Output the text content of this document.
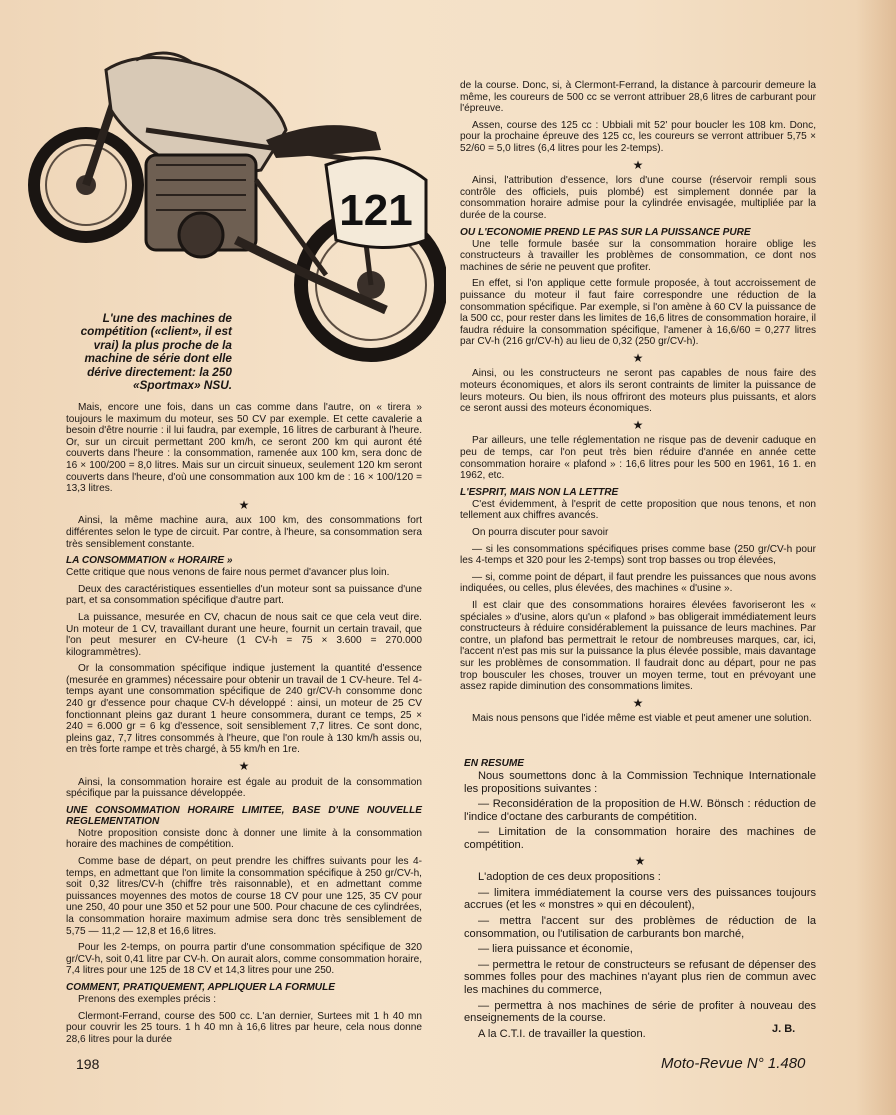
121
L'une des machines de compétition («client», il est vrai) la plus proche de la machine de série dont elle dérive directement: la 250 «Sportmax» NSU.

Mais, encore une fois, dans un cas comme dans l'autre, on « tirera » toujours le maximum du moteur, ses 50 CV par exemple. Et cette cavalerie a besoin d'être nourrie : il lui faudra, par exemple, 16 litres de carburant à l'heure. Or, sur un circuit permettant 200 km/h, ce seront 200 km qui auront été couverts dans l'heure : la consommation, ramenée aux 100 km, sera donc de 16 × 100/200 = 8,0 litres. Mais sur un circuit sinueux, seulement 120 km seront couverts dans l'heure, d'où une consommation aux 100 km de : 16 × 100/120 = 13,3 litres.

★

Ainsi, la même machine aura, aux 100 km, des consommations fort différentes selon le type de circuit. Par contre, à l'heure, sa consommation sera très sensiblement constante.

LA CONSOMMATION « HORAIRE »

Cette critique que nous venons de faire nous permet d'avancer plus loin.

Deux des caractéristiques essentielles d'un moteur sont sa puissance d'une part, et sa consommation spécifique d'autre part.

La puissance, mesurée en CV, chacun de nous sait ce que cela veut dire. Un moteur de 1 CV, travaillant durant une heure, fournit un certain travail, que l'on peut mesurer en CV-heure (1 CV-h = 75 × 3.600 = 270.000 kilogrammètres).

Or la consommation spécifique indique justement la quantité d'essence (mesurée en grammes) nécessaire pour obtenir un travail de 1 CV-heure. Tel 4-temps ayant une consommation spécifique de 240 gr/CV-h consomme donc 240 gr d'essence pour chaque CV-h développé : ainsi, un moteur de 25 CV fonctionnant pleins gaz durant 1 heure consommera, durant ce temps, 25 × 240 = 6.000 gr = 6 kg d'essence, soit sensiblement 7,7 litres. Ce sont donc, pleins gaz, 7,7 litres consommés à l'heure, que l'on roule à 130 km/h assis ou, en très forte rampe et très chargé, à 55 km/h en 1re.

★

Ainsi, la consommation horaire est égale au produit de la consommation spécifique par la puissance développée.

UNE CONSOMMATION HORAIRE LIMITEE, BASE D'UNE NOUVELLE REGLEMENTATION

Notre proposition consiste donc à donner une limite à la consommation horaire des machines de compétition.

Comme base de départ, on peut prendre les chiffres suivants pour les 4-temps, en admettant que l'on limite la consommation spécifique à 250 gr/CV-h, soit 0,32 litres/CV-h (chiffre très raisonnable), et en admettant comme puissances moyennes des motos de course 18 CV pour une 125, 35 CV pour une 250, 40 pour une 350 et 52 pour une 500. Pour chacune de ces cylindrées, la consommation horaire maximum admise sera donc très sensiblement de 5,75 — 11,2 — 12,8 et 16,6 litres.

Pour les 2-temps, on pourra partir d'une consommation spécifique de 320 gr/CV-h, soit 0,41 litre par CV-h. On aurait alors, comme consommation horaire, 7,4 litres pour une 125 de 18 CV et 14,3 litres pour une 250.

COMMENT, PRATIQUEMENT, APPLIQUER LA FORMULE

Prenons des exemples précis :

Clermont-Ferrand, course des 500 cc. L'an dernier, Surtees mit 1 h 40 mn pour couvrir les 25 tours. 1 h 40 mn à 16,6 litres par heure, cela nous donne 28,6 litres pour la durée

de la course. Donc, si, à Clermont-Ferrand, la distance à parcourir demeure la même, les coureurs de 500 cc se verront attribuer 28,6 litres de carburant pour l'épreuve.

Assen, course des 125 cc : Ubbiali mit 52' pour boucler les 108 km. Donc, pour la prochaine épreuve des 125 cc, les coureurs se verront attribuer 5,75 × 52/60 = 5,0 litres (6,4 litres pour les 2-temps).

★

Ainsi, l'attribution d'essence, lors d'une course (réservoir rempli sous contrôle des officiels, puis plombé) est simplement donnée par la consommation horaire admise pour la cylindrée envisagée, multipliée par la durée de la course.

OU L'ECONOMIE PREND LE PAS SUR LA PUISSANCE PURE

Une telle formule basée sur la consommation horaire oblige les constructeurs à travailler les problèmes de consommation, ce dont nos machines de série ne peuvent que profiter.

En effet, si l'on applique cette formule proposée, à tout accroissement de puissance du moteur il faut faire correspondre une réduction de la consommation spécifique. Par exemple, si l'on amène à 60 CV la puissance de la 500 cc, pour rester dans les limites de 16,6 litres de consommation horaire, il faudra réduire la consommation spécifique, l'amener à 16,6/60 = 0,277 litres par CV-h (216 gr/CV-h) au lieu de 0,32 (250 gr/CV-h).

★

Ainsi, ou les constructeurs ne seront pas capables de nous faire des moteurs économiques, et alors ils seront contraints de limiter la puissance de leurs moteurs. Ou bien, ils nous offriront des moteurs plus puissants, et alors ce seront aussi des moteurs économiques.

★

Par ailleurs, une telle réglementation ne risque pas de devenir caduque en peu de temps, car l'on peut très bien réduire d'année en année cette consommation horaire « plafond » : 16,6 litres pour les 500 en 1961, 16 1. en 1962, etc.

L'ESPRIT, MAIS NON LA LETTRE

C'est évidemment, à l'esprit de cette proposition que nous tenons, et non tellement aux chiffres avancés.

On pourra discuter pour savoir

— si les consommations spécifiques prises comme base (250 gr/CV-h pour les 4-temps et 320 pour les 2-temps) sont trop basses ou trop élevées,

— si, comme point de départ, il faut prendre les puissances que nous avons indiquées, ou celles, plus élevées, des machines « d'usine ».

Il est clair que des consommations horaires élevées favoriseront les « spéciales » d'usine, alors qu'un « plafond » bas obligerait immédiatement leurs constructeurs à réduire considérablement la puissance de leurs machines. Par contre, un plafond bas permettrait le retour de nombreuses marques, car, ici, l'accent n'est pas mis sur la puissance la plus élevée possible, mais davantage sur les problèmes de consommation. Il faudrait donc au départ, pour ne pas trop bousculer les choses, trouver un moyen terme, tout en prévoyant une assez rapide diminution des consommations limites.

★

Mais nous pensons que l'idée même est viable et peut amener une solution.

EN RESUME

Nous soumettons donc à la Commission Technique Internationale les propositions suivantes :

— Reconsidération de la proposition de H.W. Bönsch : réduction de l'indice d'octane des carburants de compétition.

— Limitation de la consommation horaire des machines de compétition.

★

L'adoption de ces deux propositions :

— limitera immédiatement la course vers des puissances toujours accrues (et les « monstres » qui en découlent),

— mettra l'accent sur des problèmes de réduction de la consommation, ou l'utilisation de carburants bon marché,

— liera puissance et économie,

— permettra le retour de constructeurs se refusant de dépenser des sommes folles pour des machines n'ayant plus rien de commun avec les machines du commerce,

— permettra à nos machines de série de profiter à nouveau des enseignements de la course.

A la C.T.I. de travailler la question.	J. B.
198	Moto-Revue N° 1.480
